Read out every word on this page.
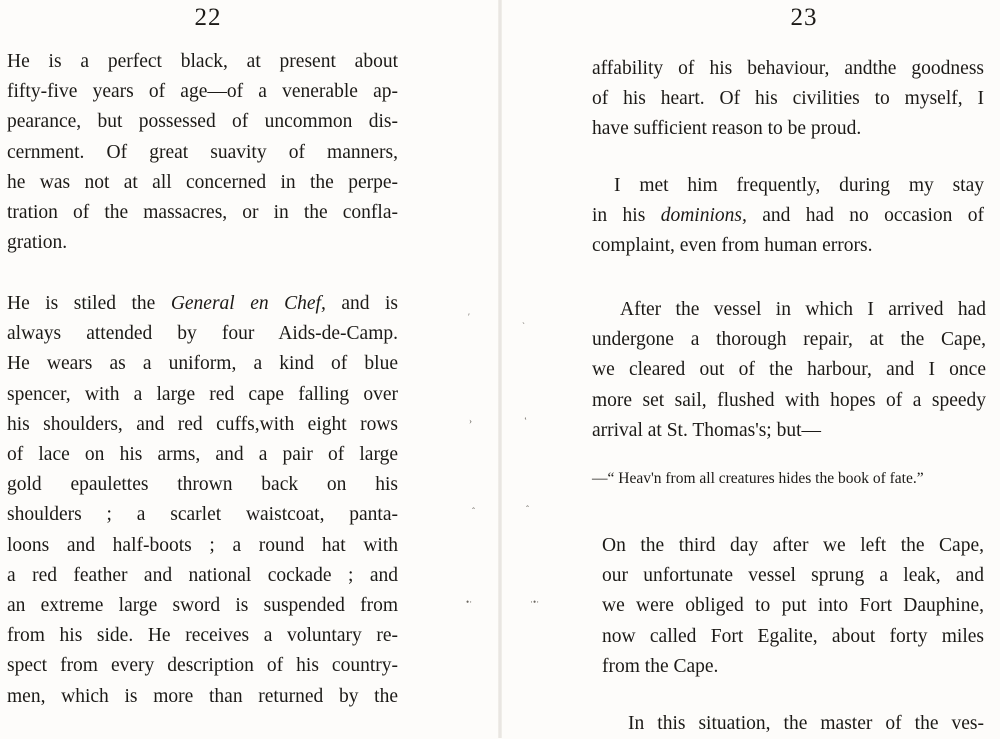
22
He is a perfect black, at present about
fifty-five years of age—of a venerable ap-
pearance, but possessed of uncommon dis-
cernment. Of great suavity of manners,
he was not at all concerned in the perpe-
tration of the massacres, or in the confla-
gration.
He is stiled the General en Chef, and is
always attended by four Aids-de-Camp.
He wears as a uniform, a kind of blue
spencer, with a large red cape falling over
his shoulders, and red cuffs,with eight rows
of lace on his arms, and a pair of large
gold epaulettes thrown back on his
shoulders ; a scarlet waistcoat, panta-
loons and half-boots ; a round hat with
a red feather and national cockade ; and
an extreme large sword is suspended from
from his side. He receives a voluntary re-
spect from every description of his country-
men, which is more than returned by the
′	ˎ
›	ʽ
ˆ	ˆ
•·	·•·
23
affability of his behaviour, andthe goodness
of his heart. Of his civilities to myself, I
have sufficient reason to be proud.
I met him frequently, during my stay
in his dominions, and had no occasion of
complaint, even from human errors.
After the vessel in which I arrived had
undergone a thorough repair, at the Cape,
we cleared out of the harbour, and I once
more set sail, flushed with hopes of a speedy
arrival at St. Thomas's; but—
—“ Heav'n from all creatures hides the book of fate.”
On the third day after we left the Cape,
our unfortunate vessel sprung a leak, and
we were obliged to put into Fort Dauphine,
now called Fort Egalite, about forty miles
from the Cape.
In this situation, the master of the ves-
